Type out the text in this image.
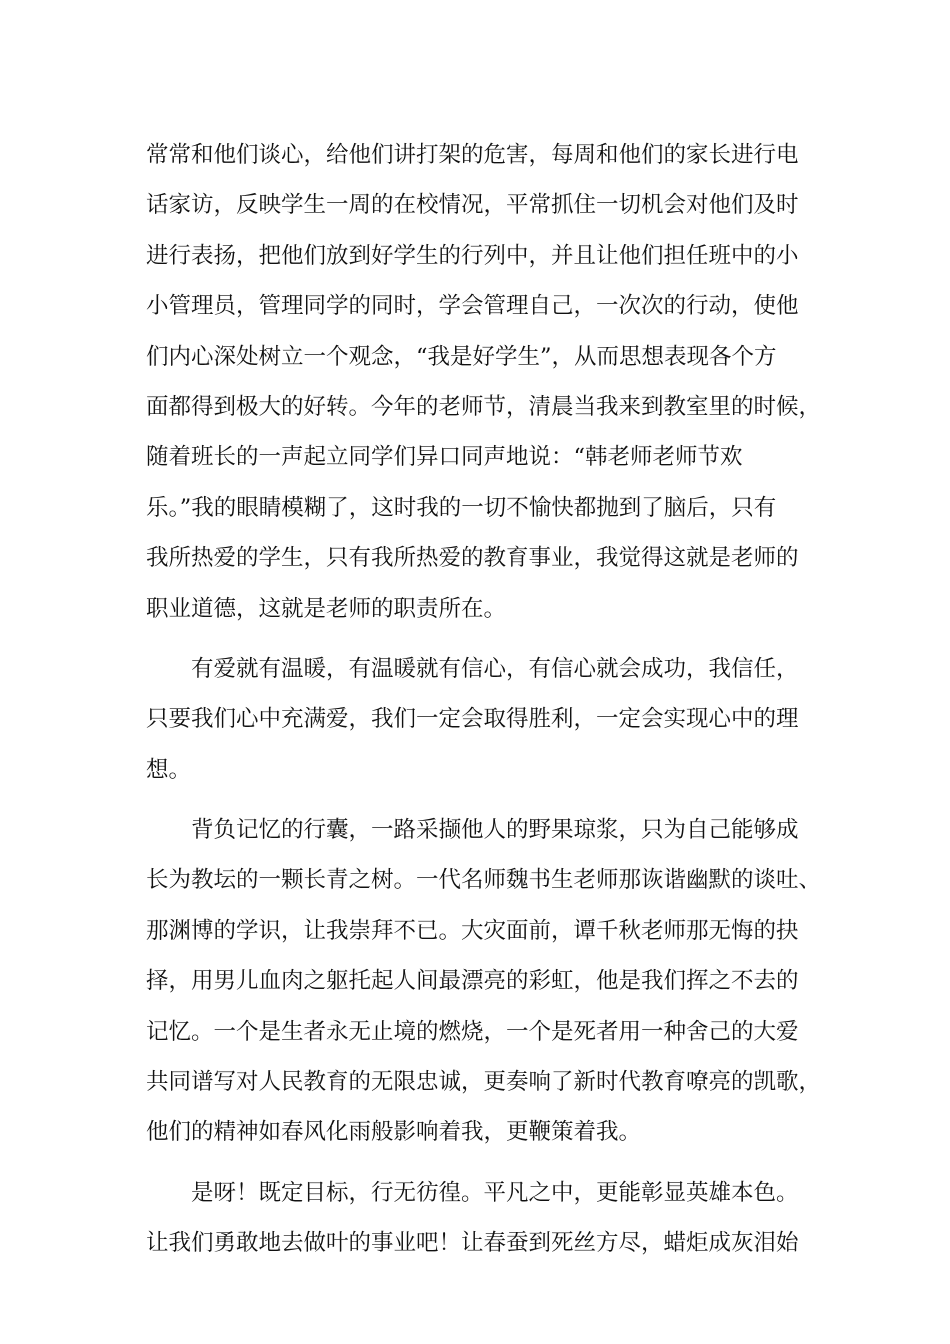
常常和他们谈心，给他们讲打架的危害，每周和他们的家长进行电
话家访，反映学生一周的在校情况，平常抓住一切机会对他们及时
进行表扬，把他们放到好学生的行列中，并且让他们担任班中的小
小管理员，管理同学的同时，学会管理自己，一次次的行动，使他
们内心深处树立一个观念，“我是好学生”，从而思想表现各个方
面都得到极大的好转。今年的老师节，清晨当我来到教室里的时候，
随着班长的一声起立同学们异口同声地说：“韩老师老师节欢
乐。”我的眼睛模糊了，这时我的一切不愉快都抛到了脑后，只有
我所热爱的学生，只有我所热爱的教育事业，我觉得这就是老师的
职业道德，这就是老师的职责所在。
有爱就有温暖，有温暖就有信心，有信心就会成功，我信任，
只要我们心中充满爱，我们一定会取得胜利，一定会实现心中的理
想。
背负记忆的行囊，一路采撷他人的野果琼浆，只为自己能够成
长为教坛的一颗长青之树。一代名师魏书生老师那诙谐幽默的谈吐、
那渊博的学识，让我崇拜不已。大灾面前，谭千秋老师那无悔的抉
择，用男儿血肉之躯托起人间最漂亮的彩虹，他是我们挥之不去的
记忆。一个是生者永无止境的燃烧，一个是死者用一种舍己的大爱
共同谱写对人民教育的无限忠诚，更奏响了新时代教育嘹亮的凯歌，
他们的精神如春风化雨般影响着我，更鞭策着我。
是呀！既定目标，行无彷徨。平凡之中，更能彰显英雄本色。
让我们勇敢地去做叶的事业吧！让春蚕到死丝方尽，蜡炬成灰泪始
